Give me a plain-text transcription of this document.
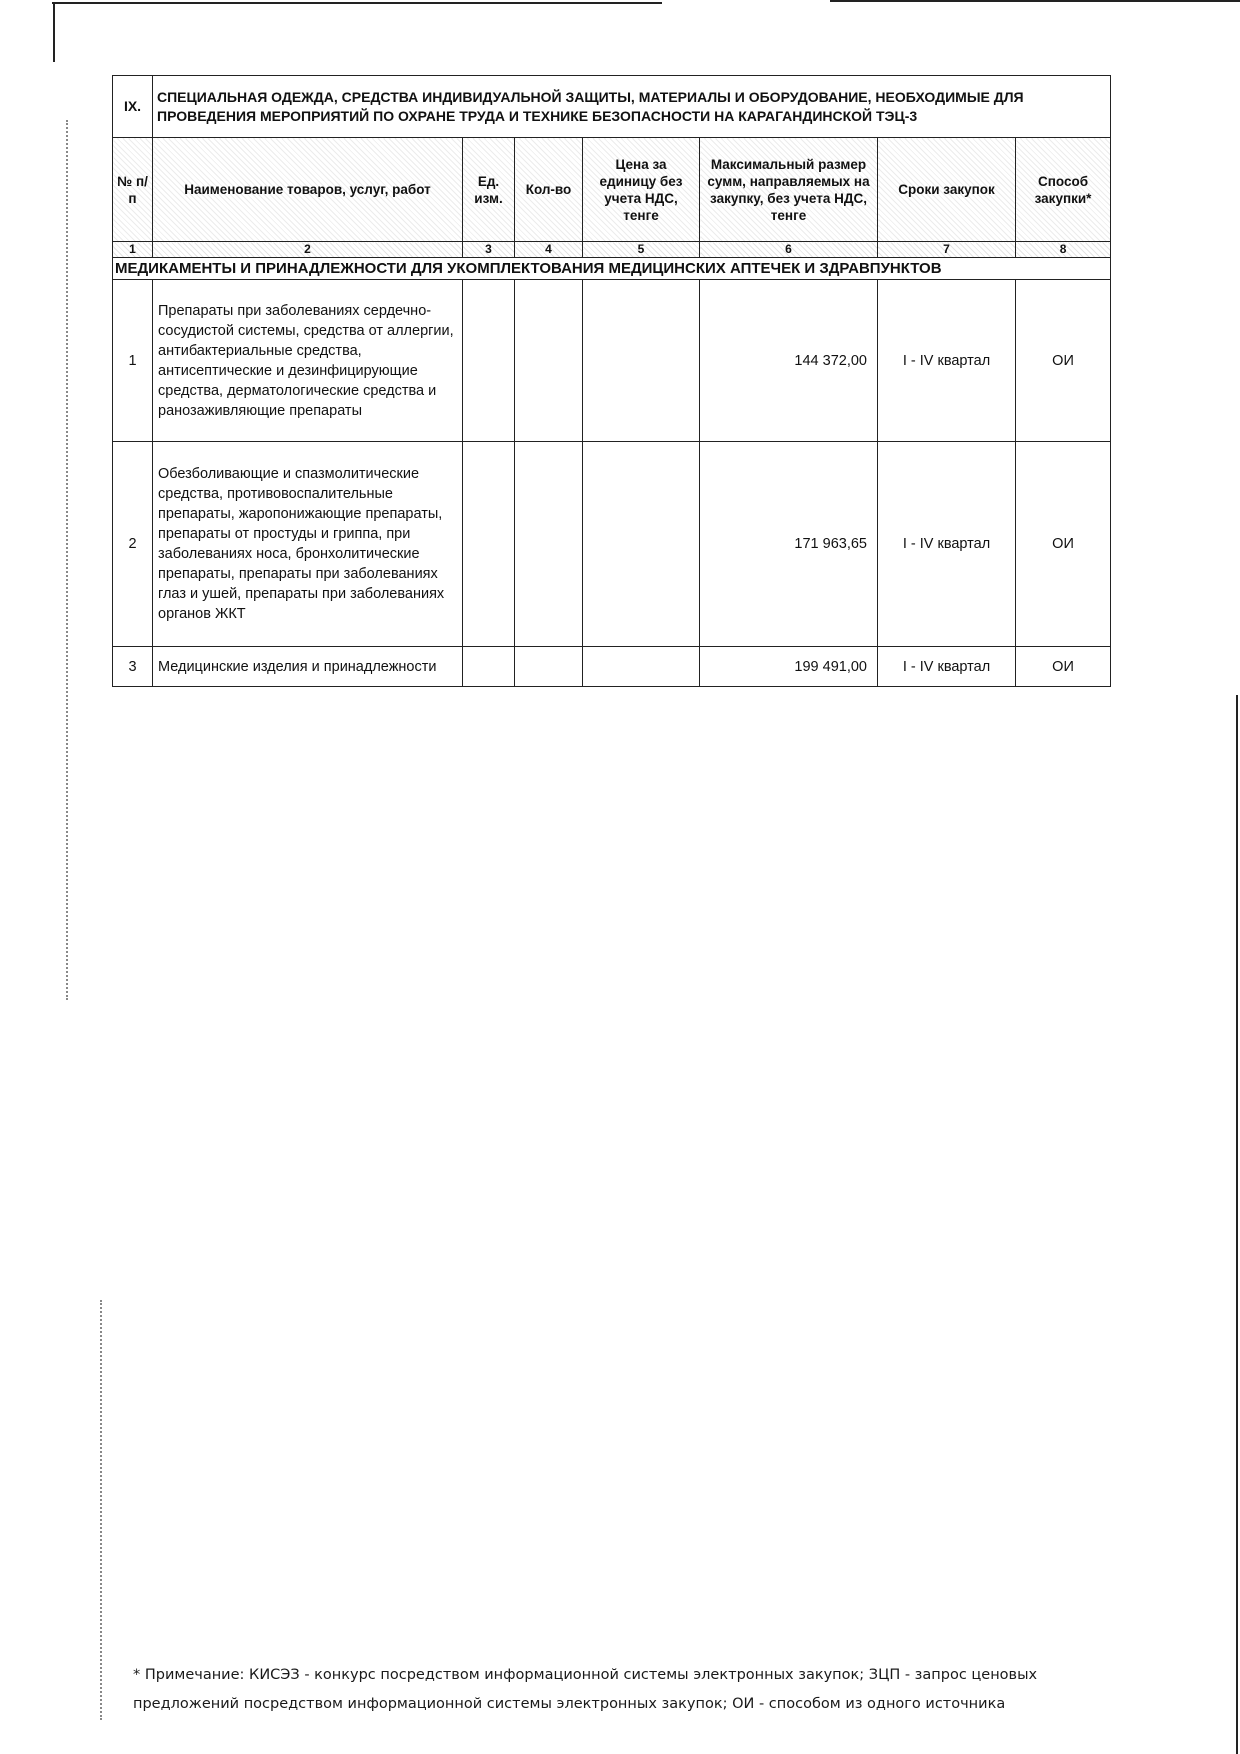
IX.	СПЕЦИАЛЬНАЯ ОДЕЖДА, СРЕДСТВА ИНДИВИДУАЛЬНОЙ ЗАЩИТЫ, МАТЕРИАЛЫ И ОБОРУДОВАНИЕ, НЕОБХОДИМЫЕ ДЛЯ ПРОВЕДЕНИЯ МЕРОПРИЯТИЙ ПО ОХРАНЕ ТРУДА И ТЕХНИКЕ БЕЗОПАСНОСТИ НА КАРАГАНДИНСКОЙ ТЭЦ-3						
№ п/п	Наименование товаров, услуг, работ	Ед. изм.	Кол-во	Цена за единицу без учета НДС, тенге	Максимальный размер сумм, направляемых на закупку, без учета НДС, тенге	Сроки закупок	Способ закупки*
1	2	3	4	5	6	7	8
МЕДИКАМЕНТЫ И ПРИНАДЛЕЖНОСТИ ДЛЯ УКОМПЛЕКТОВАНИЯ МЕДИЦИНСКИХ АПТЕЧЕК И ЗДРАВПУНКТОВ							
1	Препараты при заболеваниях сердечно-сосудистой системы, средства от аллергии, антибактериальные средства, антисептические и дезинфицирующие средства, дерматологические средства и ранозаживляющие препараты				144 372,00	I - IV квартал	ОИ
2	Обезболивающие и спазмолитические средства, противовоспалительные препараты, жаропонижающие препараты, препараты от простуды и гриппа, при заболеваниях носа, бронхолитические препараты, препараты при заболеваниях глаз и ушей, препараты при заболеваниях органов ЖКТ				171 963,65	I - IV квартал	ОИ
3	Медицинские изделия и принадлежности				199 491,00	I - IV квартал	ОИ
* Примечание: КИСЭЗ - конкурс посредством информационной системы электронных закупок; ЗЦП - запрос ценовых
предложений посредством информационной системы электронных закупок; ОИ - способом из одного источника
